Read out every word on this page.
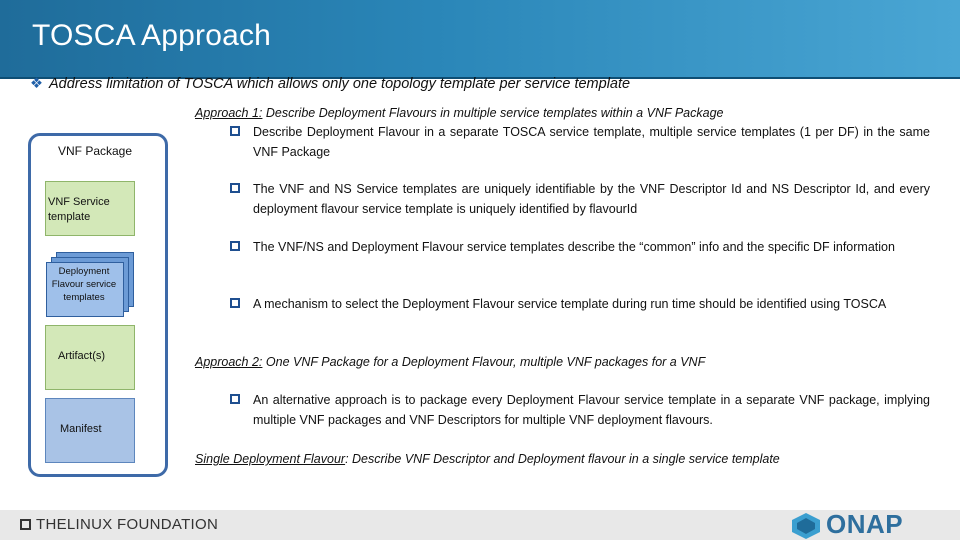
TOSCA Approach
❖ Address limitation of TOSCA which allows only one topology template per service template
VNF Package
VNF Service template
Deployment Flavour service templates
Artifact(s)
Manifest
Approach 1: Describe Deployment Flavours in multiple service templates within a VNF Package
Describe Deployment Flavour in a separate TOSCA service template, multiple service templates (1 per DF) in the same VNF Package
The VNF and NS Service templates are uniquely identifiable by the VNF Descriptor Id and NS Descriptor Id, and every deployment flavour service template is uniquely identified by flavourId
The VNF/NS and Deployment Flavour service templates describe the “common” info and the specific DF information
A mechanism to select the Deployment Flavour service template during run time should be identified using TOSCA
Approach 2: One VNF Package for a Deployment Flavour, multiple VNF packages for a VNF
An alternative approach is to package every Deployment Flavour service template in a separate VNF package, implying multiple VNF packages and VNF Descriptors for multiple VNF deployment flavours.
Single Deployment Flavour: Describe VNF Descriptor and Deployment flavour in a single service template
THELINUX FOUNDATION	ONAP
